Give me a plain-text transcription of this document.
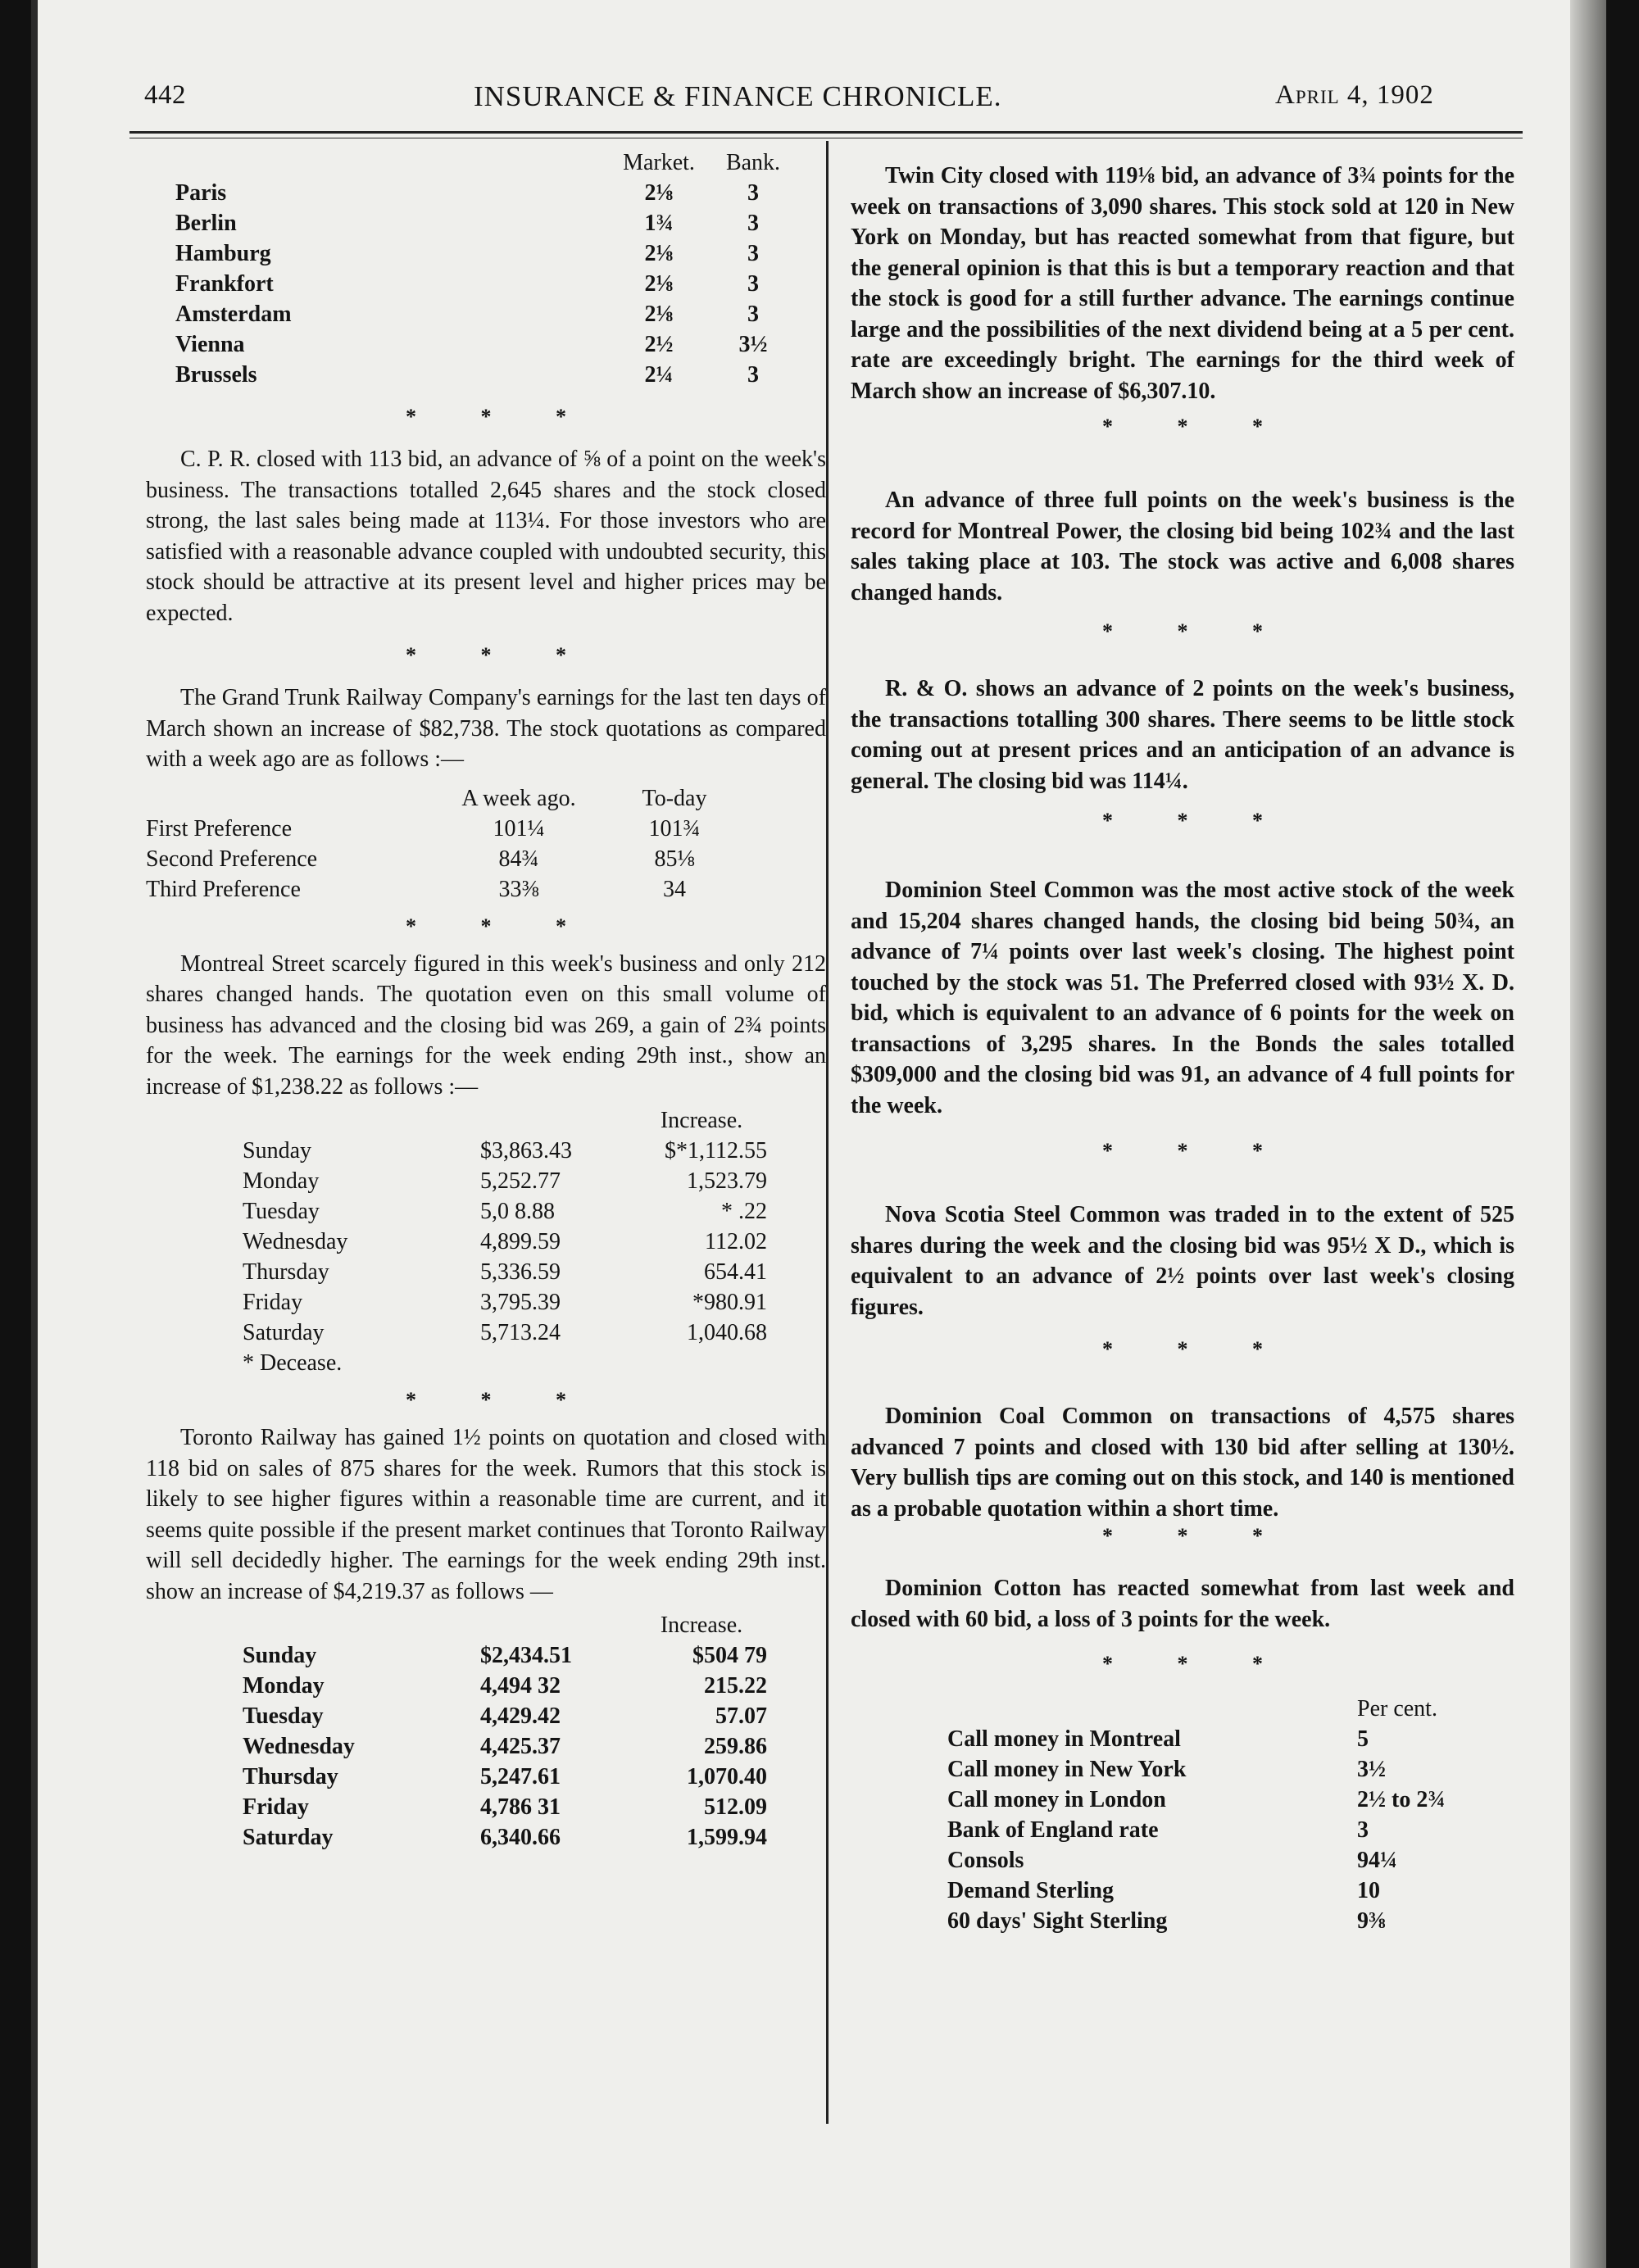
442	INSURANCE & FINANCE CHRONICLE.	April 4, 1902
	Market.	Bank.
Paris	2⅛	3
Berlin	1¾	3
Hamburg	2⅛	3
Frankfort	2⅛	3
Amsterdam	2⅛	3
Vienna	2½	3½
Brussels	2¼	3
* * *

C. P. R. closed with 113 bid, an advance of ⅝ of a point on the week's business. The transactions totalled 2,645 shares and the stock closed strong, the last sales being made at 113¼. For those investors who are satisfied with a reasonable advance coupled with undoubted security, this stock should be attractive at its present level and higher prices may be expected.

* * *

The Grand Trunk Railway Company's earnings for the last ten days of March shown an increase of $82,738. The stock quotations as compared with a week ago are as follows :—

	A week ago.	To-day
First Preference	101¼	101¾
Second Preference	84¾	85⅛
Third Preference	33⅜	34
* * *

Montreal Street scarcely figured in this week's business and only 212 shares changed hands. The quotation even on this small volume of business has advanced and the closing bid was 269, a gain of 2¾ points for the week. The earnings for the week ending 29th inst., show an increase of $1,238.22 as follows :—

		Increase.
Sunday	$3,863.43	$*1,112.55
Monday	5,252.77	1,523.79
Tuesday	5,0 8.88	* .22
Wednesday	4,899.59	112.02
Thursday	5,336.59	654.41
Friday	3,795.39	*980.91
Saturday	5,713.24	1,040.68
* Decease.
* * *

Toronto Railway has gained 1½ points on quotation and closed with 118 bid on sales of 875 shares for the week. Rumors that this stock is likely to see higher figures within a reasonable time are current, and it seems quite possible if the present market continues that Toronto Railway will sell decidedly higher. The earnings for the week ending 29th inst. show an increase of $4,219.37 as follows —

		Increase.
Sunday	$2,434.51	$504 79
Monday	4,494 32	215.22
Tuesday	4,429.42	57.07
Wednesday	4,425.37	259.86
Thursday	5,247.61	1,070.40
Friday	4,786 31	512.09
Saturday	6,340.66	1,599.94

Twin City closed with 119⅛ bid, an advance of 3¾ points for the week on transactions of 3,090 shares. This stock sold at 120 in New York on Monday, but has reacted somewhat from that figure, but the general opinion is that this is but a temporary reaction and that the stock is good for a still further advance. The earnings continue large and the possibilities of the next dividend being at a 5 per cent. rate are exceedingly bright. The earnings for the third week of March show an increase of $6,307.10.

* * *

An advance of three full points on the week's business is the record for Montreal Power, the closing bid being 102¾ and the last sales taking place at 103. The stock was active and 6,008 shares changed hands.

* * *

R. & O. shows an advance of 2 points on the week's business, the transactions totalling 300 shares. There seems to be little stock coming out at present prices and an anticipation of an advance is general. The closing bid was 114¼.

* * *

Dominion Steel Common was the most active stock of the week and 15,204 shares changed hands, the closing bid being 50¾, an advance of 7¼ points over last week's closing. The highest point touched by the stock was 51. The Preferred closed with 93½ X. D. bid, which is equivalent to an advance of 6 points for the week on transactions of 3,295 shares. In the Bonds the sales totalled $309,000 and the closing bid was 91, an advance of 4 full points for the week.

* * *

Nova Scotia Steel Common was traded in to the extent of 525 shares during the week and the closing bid was 95½ X D., which is equivalent to an advance of 2½ points over last week's closing figures.

* * *

Dominion Coal Common on transactions of 4,575 shares advanced 7 points and closed with 130 bid after selling at 130½. Very bullish tips are coming out on this stock, and 140 is mentioned as a probable quotation within a short time.

* * *

Dominion Cotton has reacted somewhat from last week and closed with 60 bid, a loss of 3 points for the week.

* * *
	Per cent.
Call money in Montreal	5
Call money in New York	3½
Call money in London	2½ to 2¾
Bank of England rate	3
Consols	94¼
Demand Sterling	10
60 days' Sight Sterling	9⅜
